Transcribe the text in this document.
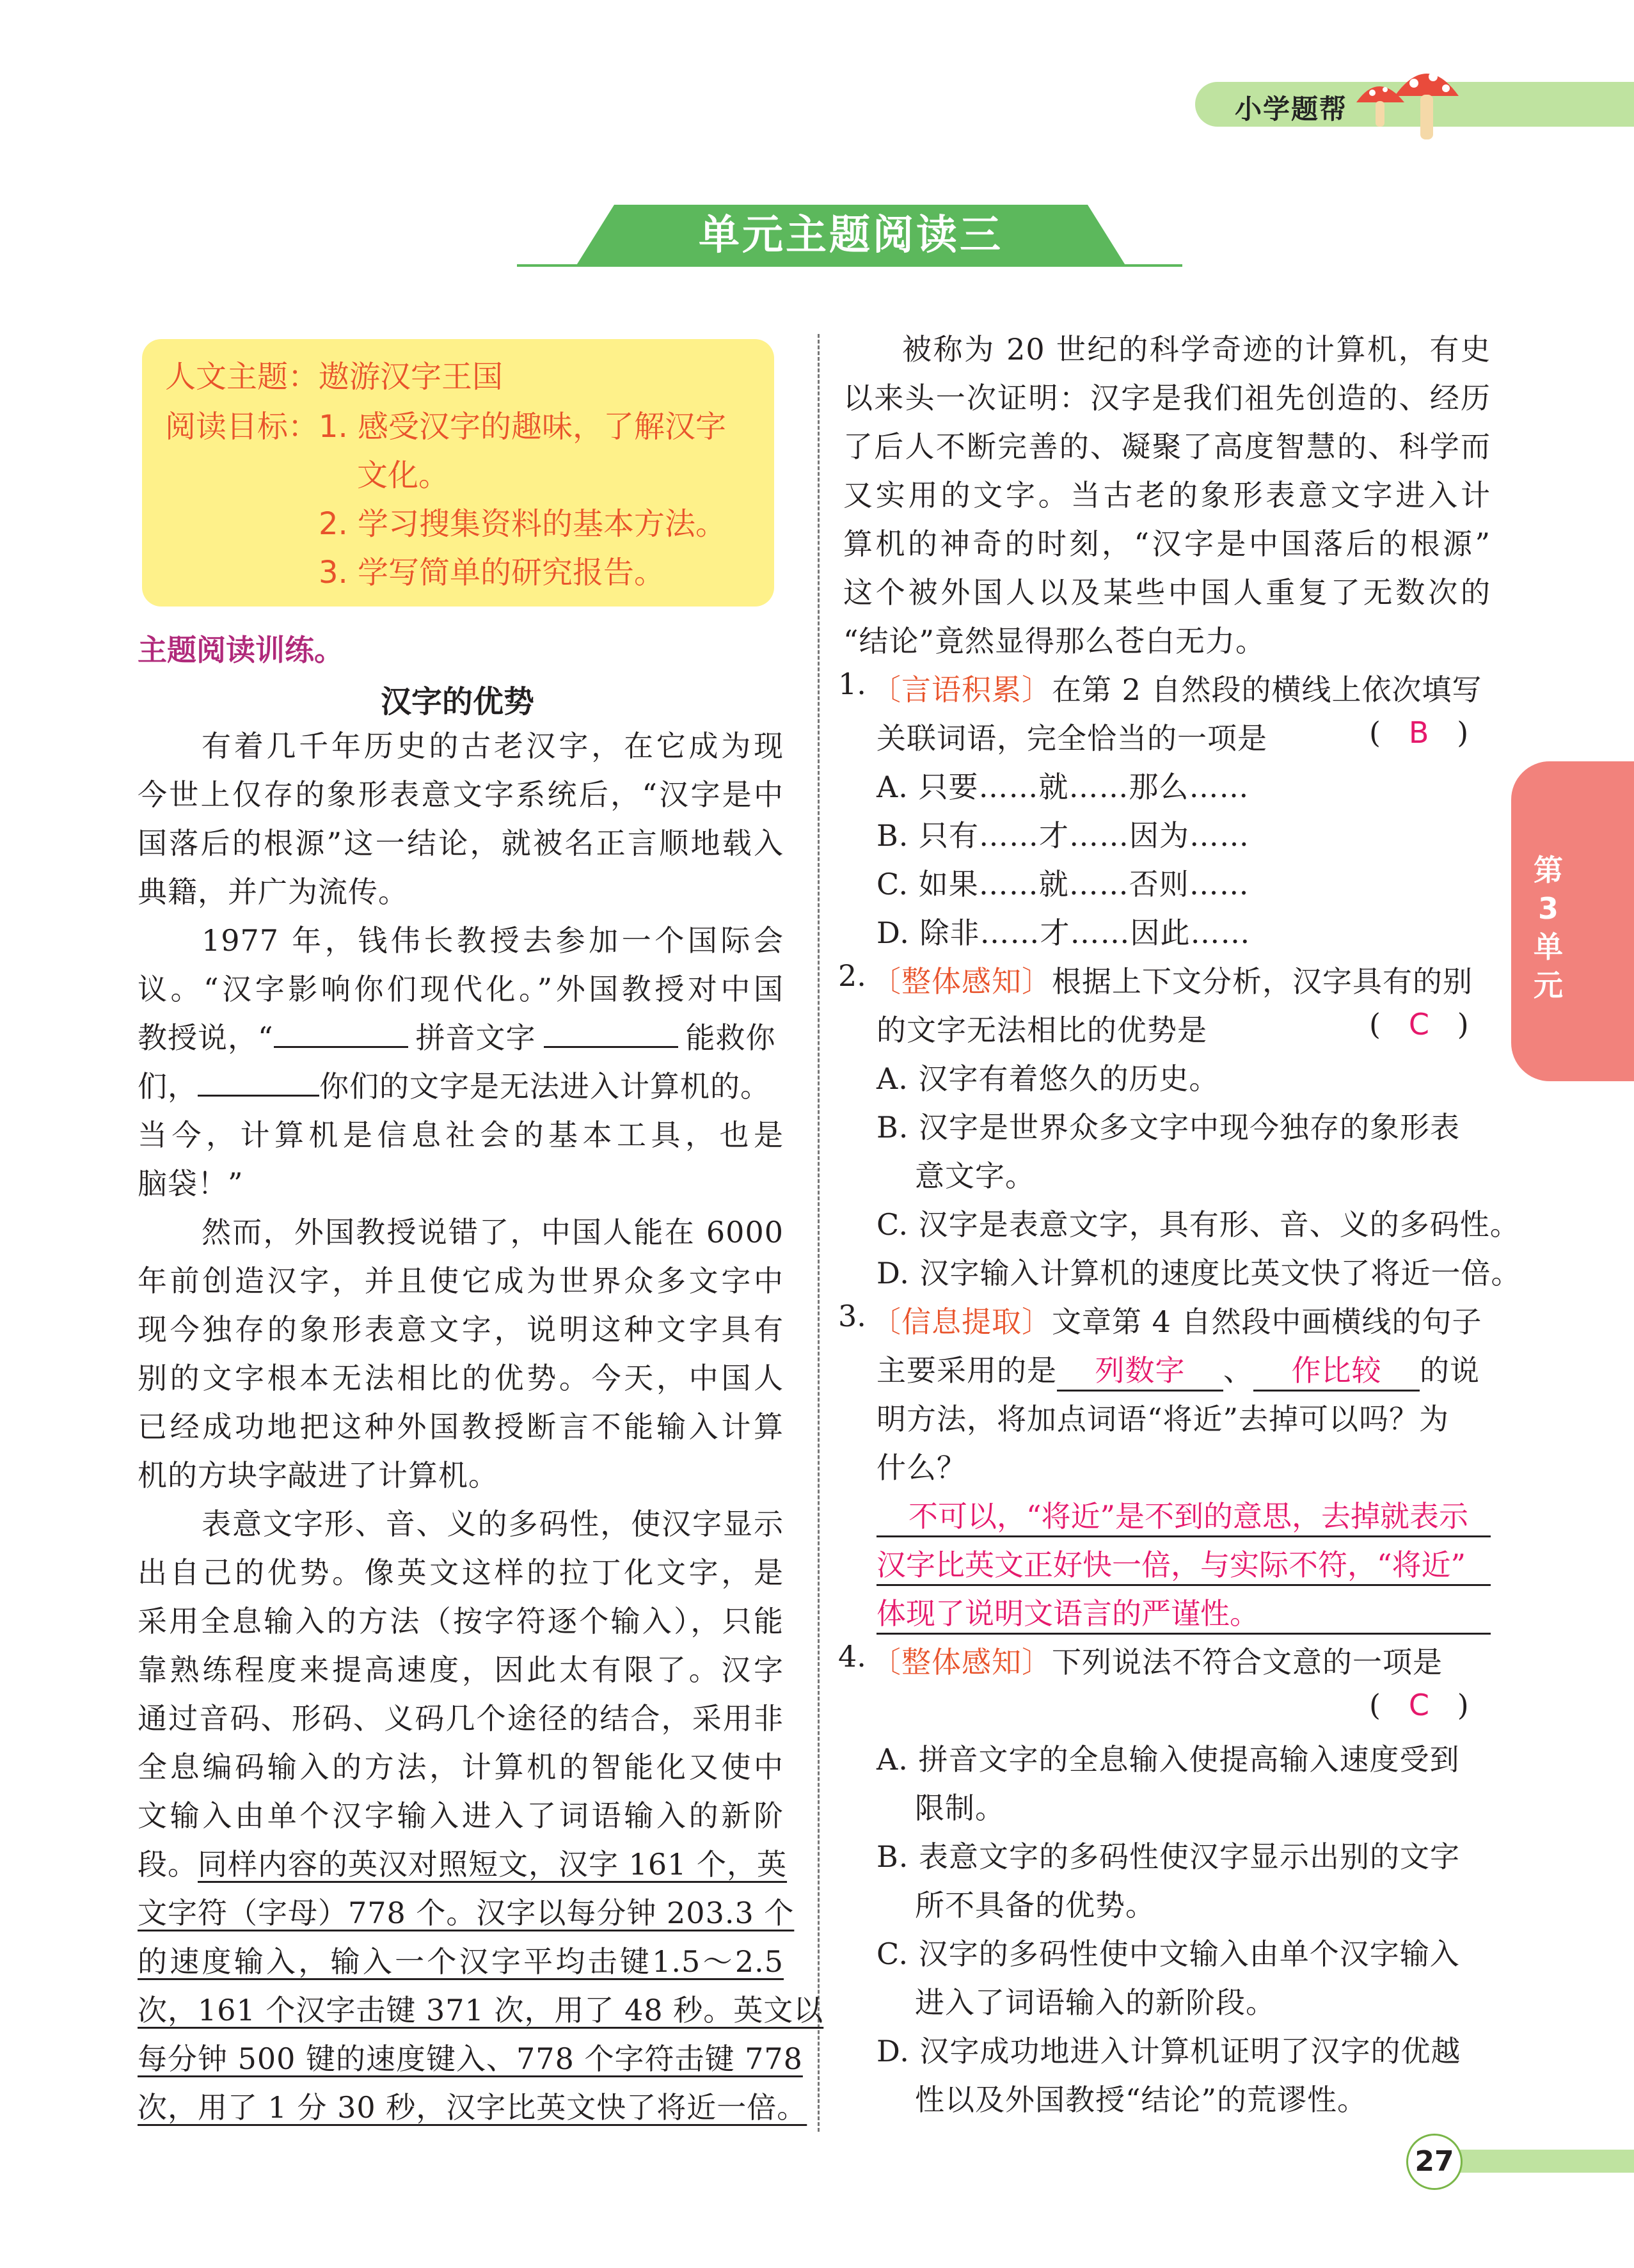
小学题帮
单元主题阅读三
人文主题：遨游汉字王国
阅读目标： 1. 感受汉字的趣味，了解汉字
文化。
2. 学习搜集资料的基本方法。
3. 学写简单的研究报告。
主题阅读训练。
汉字的优势
有着几千年历史的古老汉字，在它成为现
今世上仅存的象形表意文字系统后，“汉字是中
国落后的根源”这一结论，就被名正言顺地载入
典籍，并广为流传。
1977 年，钱伟长教授去参加一个国际会
议。“汉字影响你们现代化。”外国教授对中国
教授说，“	拼音文字	能救你
们，	你们的文字是无法进入计算机的。
当今，计算机是信息社会的基本工具，也是
脑袋！”
然而，外国教授说错了，中国人能在 6000
年前创造汉字，并且使它成为世界众多文字中
现今独存的象形表意文字，说明这种文字具有
别的文字根本无法相比的优势。今天，中国人
已经成功地把这种外国教授断言不能输入计算
机的方块字敲进了计算机。
表意文字形、音、义的多码性，使汉字显示
出自己的优势。像英文这样的拉丁化文字，是
采用全息输入的方法（按字符逐个输入），只能
靠熟练程度来提高速度，因此太有限了。汉字
通过音码、形码、义码几个途径的结合，采用非
全息编码输入的方法，计算机的智能化又使中
文输入由单个汉字输入进入了词语输入的新阶
段。同样内容的英汉对照短文，汉字 161 个，英
文字符（字母）778 个。汉字以每分钟 203.3 个
的速度输入，输入一个汉字平均击键1.5～2.5
次，161 个汉字击键 371 次，用了 48 秒。英文以
每分钟 500 键的速度键入、778 个字符击键 778
次，用了 1 分 30 秒，汉字比英文快了将近一倍。
被称为 20 世纪的科学奇迹的计算机，有史
以来头一次证明：汉字是我们祖先创造的、经历
了后人不断完善的、凝聚了高度智慧的、科学而
又实用的文字。当古老的象形表意文字进入计
算机的神奇的时刻，“汉字是中国落后的根源”
这个被外国人以及某些中国人重复了无数次的
“结论”竟然显得那么苍白无力。
1. 〔言语积累〕在第 2 自然段的横线上依次填写
关联词语，完全恰当的一项是	(   B   )
A. 只要……就……那么……
B. 只有……才……因为……
C. 如果……就……否则……
D. 除非……才……因此……
2. 〔整体感知〕根据上下文分析，汉字具有的别
的文字无法相比的优势是	(   C   )
A. 汉字有着悠久的历史。
B. 汉字是世界众多文字中现今独存的象形表
意文字。
C. 汉字是表意文字，具有形、音、义的多码性。
D. 汉字输入计算机的速度比英文快了将近一倍。
3. 〔信息提取〕文章第 4 自然段中画横线的句子
主要采用的是 列数字 、 作比较 的说
明方法，将加点词语“将近”去掉可以吗？为
什么？
不可以，“将近”是不到的意思，去掉就表示
汉字比英文正好快一倍，与实际不符，“将近”
体现了说明文语言的严谨性。
4. 〔整体感知〕下列说法不符合文意的一项是
(   C   )
A. 拼音文字的全息输入使提高输入速度受到
限制。
B. 表意文字的多码性使汉字显示出别的文字
所不具备的优势。
C. 汉字的多码性使中文输入由单个汉字输入
进入了词语输入的新阶段。
D. 汉字成功地进入计算机证明了汉字的优越
性以及外国教授“结论”的荒谬性。
第
3
单
元
27
